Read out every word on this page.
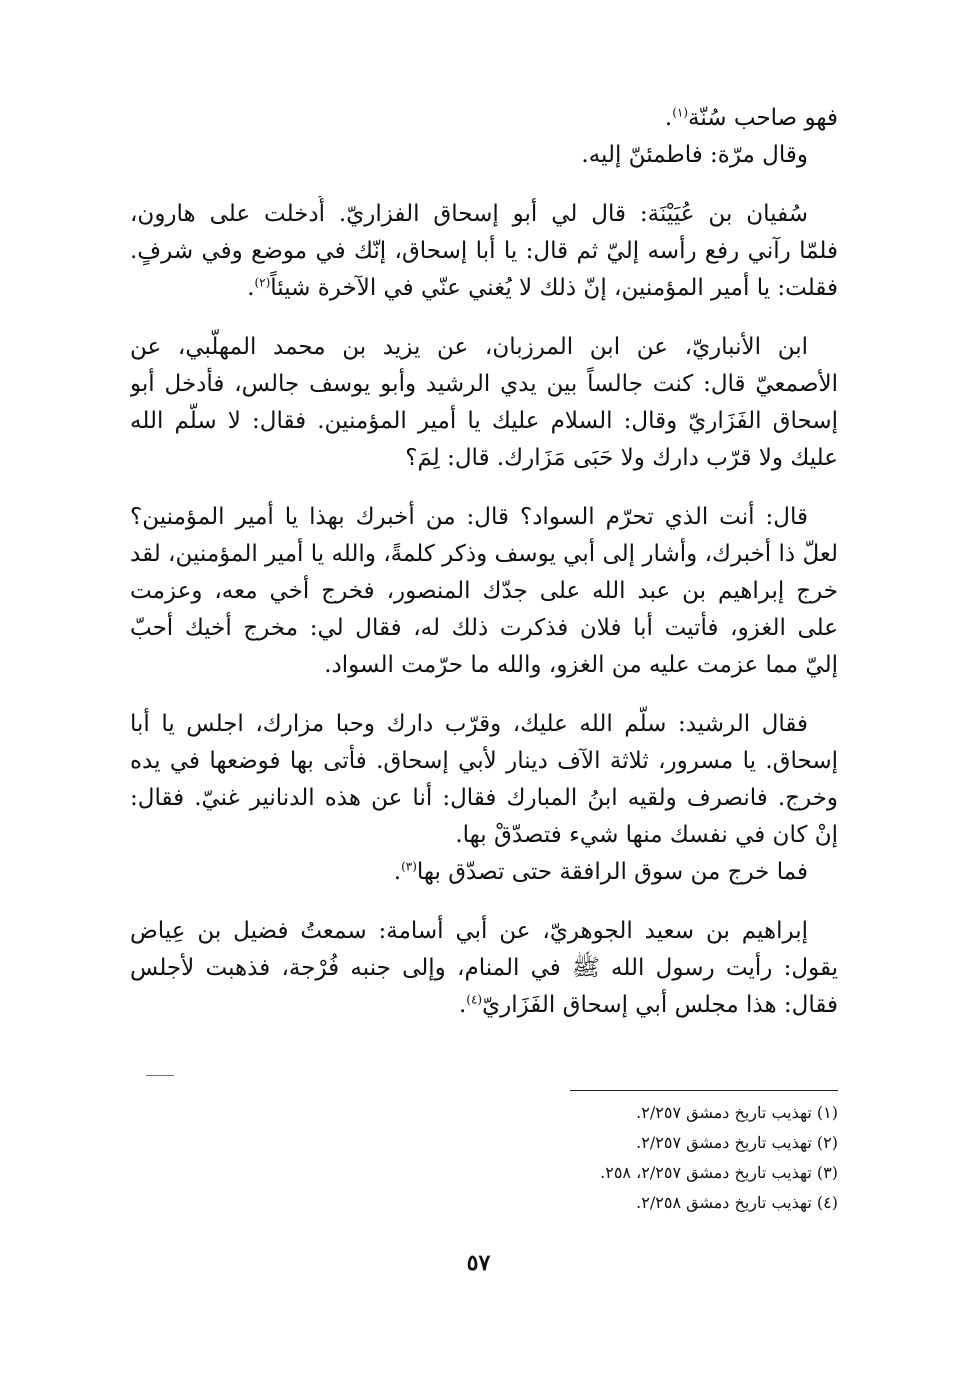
فهو صاحب سُنّة$^{(١)}$.
وقال مرّة: فاطمئنّ إليه.
سُفيان بن عُيَيْنَة: قال لي أبو إسحاق الفزاريّ. أُدخلت على هارون،
فلمّا رآني رفع رأسه إليّ ثم قال: يا أبا إسحاق، إنّك في موضع وفي شرفٍ.
فقلت: يا أمير المؤمنين، إنّ ذلك لا يُغني عنّي في الآخرة شيئاً$^{(٢)}$.
ابن الأنباريّ، عن ابن المرزبان، عن يزيد بن محمد المهلّبي، عن
الأصمعيّ قال: كنت جالساً بين يدي الرشيد وأبو يوسف جالس، فأُدخل أبو
إسحاق الفَزَاريّ وقال: السلام عليك يا أمير المؤمنين. فقال: لا سلّم الله
عليك ولا قرّب دارك ولا حَبَى مَزَارك. قال: لِمَ؟
قال: أنت الذي تحرّم السواد؟ قال: من أخبرك بهذا يا أمير المؤمنين؟
لعلّ ذا أخبرك، وأشار إلى أبي يوسف وذكر كلمةً، والله يا أمير المؤمنين، لقد
خرج إبراهيم بن عبد الله على جدّك المنصور، فخرج أخي معه، وعزمت
على الغزو، فأتيت أبا فلان فذكرت ذلك له، فقال لي: مخرج أخيك أحبّ
إليّ مما عزمت عليه من الغزو، والله ما حرّمت السواد.
فقال الرشيد: سلّم الله عليك، وقرّب دارك وحبا مزارك، اجلس يا أبا
إسحاق. يا مسرور، ثلاثة الآف دينار لأبي إسحاق. فأتى بها فوضعها في يده
وخرج. فانصرف ولقيه ابنُ المبارك فقال: أنا عن هذه الدنانير غنيّ. فقال:
إنْ كان في نفسك منها شيء فتصدّقْ بها.
فما خرج من سوق الرافقة حتى تصدّق بها$^{(٣)}$.
إبراهيم بن سعيد الجوهريّ، عن أبي أسامة: سمعتُ فضيل بن عِياض
يقول: رأيت رسول الله ﷺ في المنام، وإلى جنبه فُرْجة، فذهبت لأجلس
فقال: هذا مجلس أبي إسحاق الفَزَاريّ$^{(٤)}$.
(١) تهذيب تاريخ دمشق ٢/٢٥٧.
(٢) تهذيب تاريخ دمشق ٢/٢٥٧.
(٣) تهذيب تاريخ دمشق ٢/٢٥٧، ٢٥٨.
(٤) تهذيب تاريخ دمشق ٢/٢٥٨.
٥٧
